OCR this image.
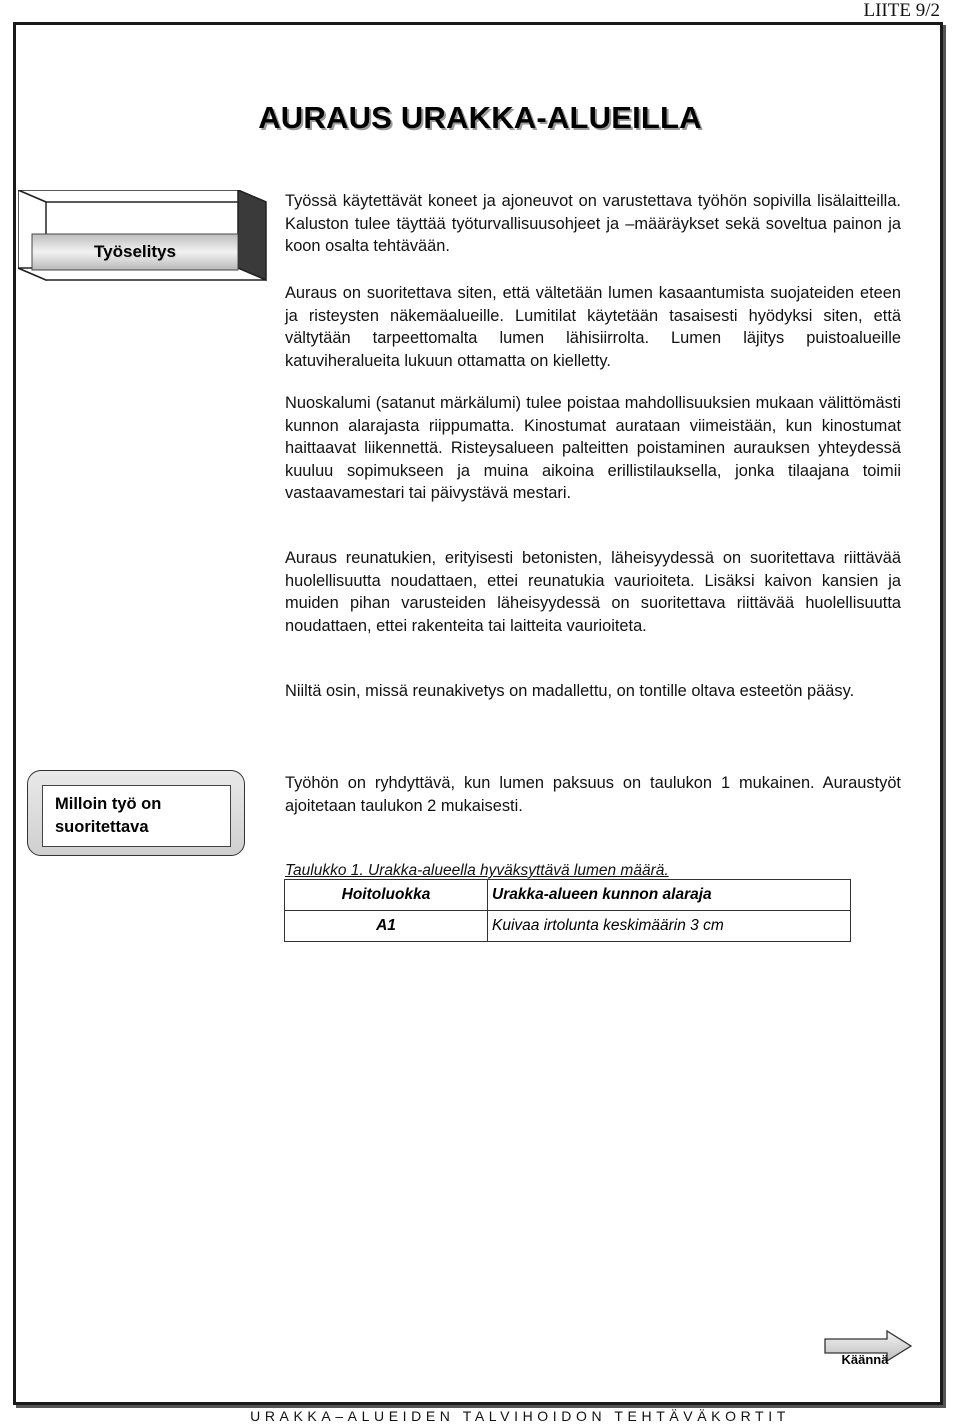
LIITE 9/2
AURAUS URAKKA-ALUEILLA
Työselitys
Työssä käytettävät koneet ja ajoneuvot on varustettava työhön sopivilla lisälaitteilla. Kaluston tulee täyttää työturvallisuusohjeet ja –määräykset sekä soveltua painon ja koon osalta tehtävään.
Auraus on suoritettava siten, että vältetään lumen kasaantumista suojateiden eteen ja risteysten näkemäalueille. Lumitilat käytetään tasaisesti hyödyksi siten, että vältytään tarpeettomalta lumen lähisiirrolta. Lumen läjitys puistoalueille katuviheralueita lukuun ottamatta on kielletty.
Nuoskalumi (satanut märkälumi) tulee poistaa mahdollisuuksien mukaan välittömästi kunnon alarajasta riippumatta. Kinostumat aurataan viimeistään, kun kinostumat haittaavat liikennettä. Risteysalueen palteitten poistaminen aurauksen yhteydessä kuuluu sopimukseen ja muina aikoina erillistilauksella, jonka tilaajana toimii vastaavamestari tai päivystävä mestari.
Auraus reunatukien, erityisesti betonisten, läheisyydessä on suoritettava riittävää huolellisuutta noudattaen, ettei reunatukia vaurioiteta. Lisäksi kaivon kansien ja muiden pihan varusteiden läheisyydessä on suoritettava riittävää huolellisuutta noudattaen, ettei rakenteita tai laitteita vaurioiteta.
Niiltä osin, missä reunakivetys on madallettu, on tontille oltava esteetön pääsy.
Milloin työ on suoritettava
Työhön on ryhdyttävä, kun lumen paksuus on taulukon 1 mukainen. Auraustyöt ajoitetaan taulukon 2 mukaisesti.
Taulukko 1. Urakka-alueella hyväksyttävä lumen määrä.
Hoitoluokka	Urakka-alueen kunnon alaraja
A1	Kuivaa irtolunta keskimäärin 3 cm
Käännä
URAKKA–ALUEIDEN TALVIHOIDON TEHTÄVÄKORTIT
